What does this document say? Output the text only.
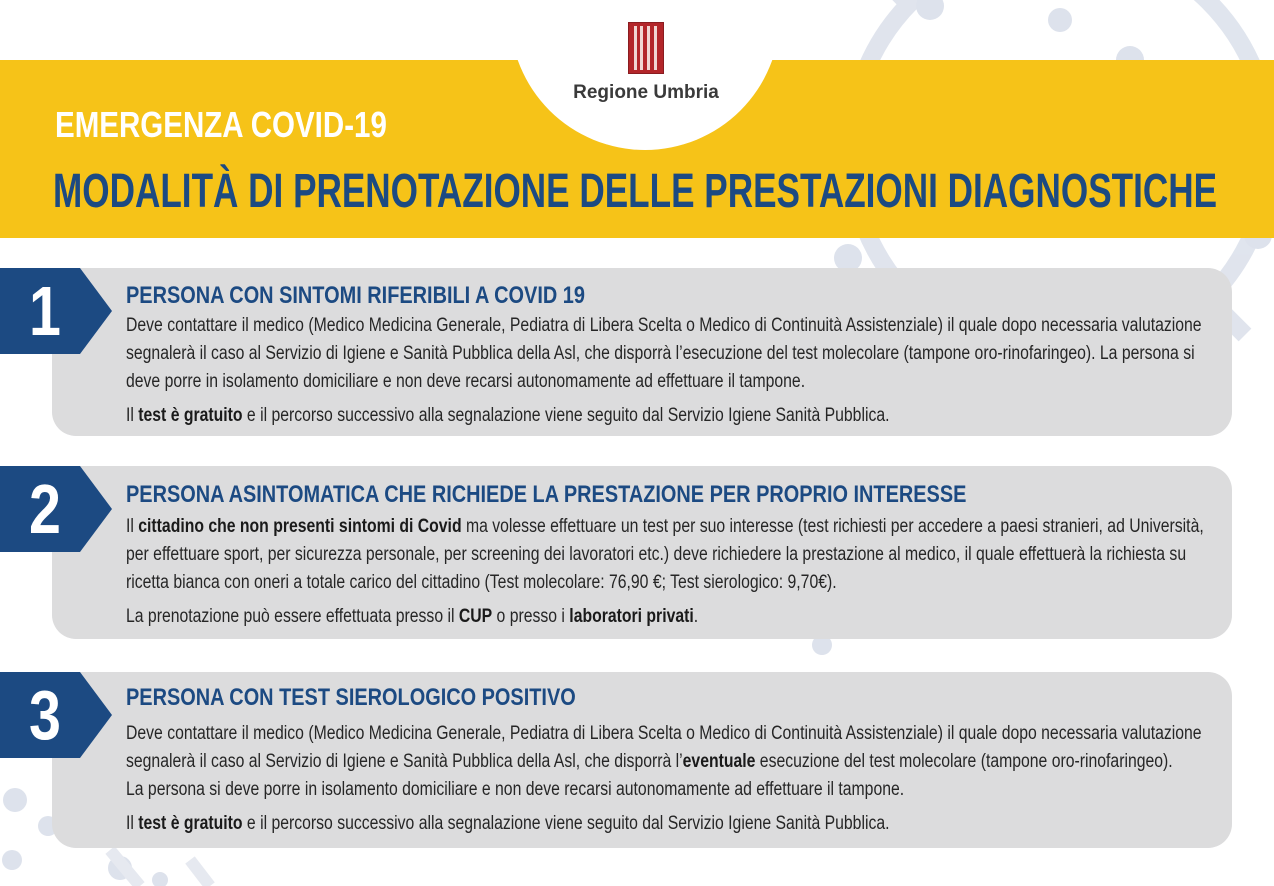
Regione Umbria
EMERGENZA COVID-19
MODALITÀ DI PRENOTAZIONE DELLE PRESTAZIONI DIAGNOSTICHE
1	PERSONA CON SINTOMI RIFERIBILI A COVID 19

Deve contattare il medico (Medico Medicina Generale, Pediatra di Libera Scelta o Medico di Continuità Assistenziale) il quale dopo necessaria valutazione

segnalerà il caso al Servizio di Igiene e Sanità Pubblica della Asl, che disporrà l’esecuzione del test molecolare (tampone oro-rinofaringeo). La persona si

deve porre in isolamento domiciliare e non deve recarsi autonomamente ad effettuare il tampone.

Il test è gratuito e il percorso successivo alla segnalazione viene seguito dal Servizio Igiene Sanità Pubblica.

2	PERSONA ASINTOMATICA CHE RICHIEDE LA PRESTAZIONE PER PROPRIO INTERESSE

Il cittadino che non presenti sintomi di Covid ma volesse effettuare un test per suo interesse (test richiesti per accedere a paesi stranieri, ad Università,

per effettuare sport, per sicurezza personale, per screening dei lavoratori etc.) deve richiedere la prestazione al medico, il quale effettuerà la richiesta su

ricetta bianca con oneri a totale carico del cittadino (Test molecolare: 76,90 €; Test sierologico: 9,70€).

La prenotazione può essere effettuata presso il CUP o presso i laboratori privati.

3	PERSONA CON TEST SIEROLOGICO POSITIVO

Deve contattare il medico (Medico Medicina Generale, Pediatra di Libera Scelta o Medico di Continuità Assistenziale) il quale dopo necessaria valutazione

segnalerà il caso al Servizio di Igiene e Sanità Pubblica della Asl, che disporrà l’eventuale esecuzione del test molecolare (tampone oro-rinofaringeo).

La persona si deve porre in isolamento domiciliare e non deve recarsi autonomamente ad effettuare il tampone.

Il test è gratuito e il percorso successivo alla segnalazione viene seguito dal Servizio Igiene Sanità Pubblica.
